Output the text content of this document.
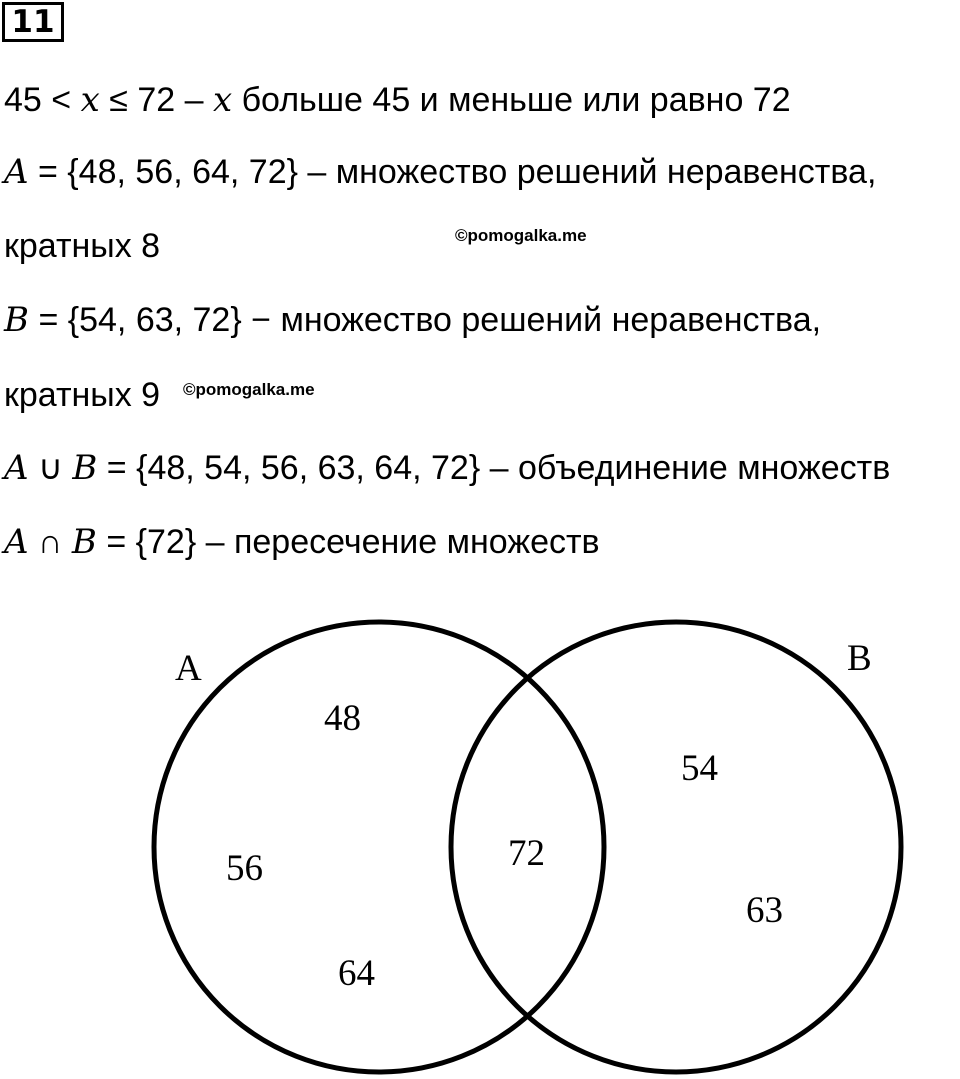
11
45 < x ≤ 72 – x больше 45 и меньше или равно 72
A = {48, 56, 64, 72} – множество решений неравенства,
кратных 8	©pomogalka.me
B = {54, 63, 72} − множество решений неравенства,
кратных 9 ©pomogalka.me
A ∪ B = {48, 54, 56, 63, 64, 72} – объединение множеств
A ∩ B = {72} – пересечение множеств
A	B
48
56
64
72
54
63
